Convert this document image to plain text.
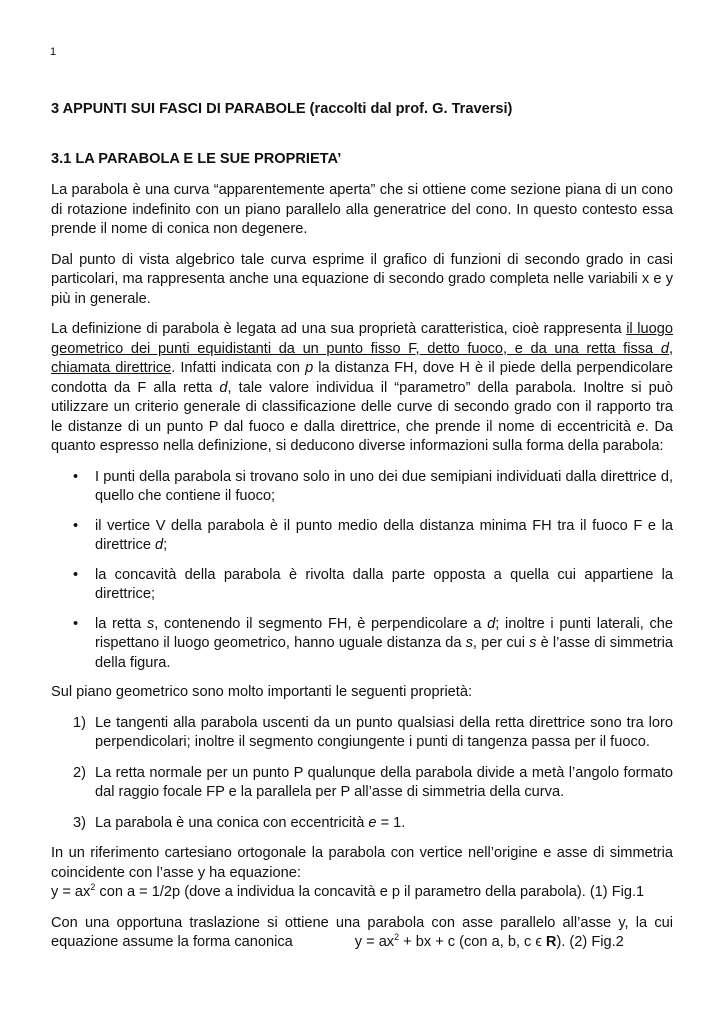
1
3 APPUNTI SUI FASCI DI PARABOLE (raccolti dal prof. G. Traversi)
3.1 LA PARABOLA E LE SUE PROPRIETA’

La parabola è una curva “apparentemente aperta” che si ottiene come sezione piana di un cono di rotazione indefinito con un piano parallelo alla generatrice del cono. In questo contesto essa prende il nome di conica non degenere.

Dal punto di vista algebrico tale curva esprime il grafico di funzioni di secondo grado in casi particolari, ma rappresenta anche una equazione di secondo grado completa nelle variabili x e y più in generale.

La definizione di parabola è legata ad una sua proprietà caratteristica, cioè rappresenta il luogo geometrico dei punti equidistanti da un punto fisso F, detto fuoco, e da una retta fissa d, chiamata direttrice. Infatti indicata con p la distanza FH, dove H è il piede della perpendicolare condotta da F alla retta d, tale valore individua il “parametro” della parabola. Inoltre si può utilizzare un criterio generale di classificazione delle curve di secondo grado con il rapporto tra le distanze di un punto P dal fuoco e dalla direttrice, che prende il nome di eccentricità e. Da quanto espresso nella definizione, si deducono diverse informazioni sulla forma della parabola:

• I punti della parabola si trovano solo in uno dei due semipiani individuati dalla direttrice d, quello che contiene il fuoco;
• il vertice V della parabola è il punto medio della distanza minima FH tra il fuoco F e la direttrice d;
• la concavità della parabola è rivolta dalla parte opposta a quella cui appartiene la direttrice;
• la retta s, contenendo il segmento FH, è perpendicolare a d; inoltre i punti laterali, che rispettano il luogo geometrico, hanno uguale distanza da s, per cui s è l’asse di simmetria della figura.

Sul piano geometrico sono molto importanti le seguenti proprietà:

1) Le tangenti alla parabola uscenti da un punto qualsiasi della retta direttrice sono tra loro perpendicolari; inoltre il segmento congiungente i punti di tangenza passa per il fuoco.
2) La retta normale per un punto P qualunque della parabola divide a metà l’angolo formato dal raggio focale FP e la parallela per P all’asse di simmetria della curva.
3) La parabola è una conica con eccentricità e = 1.

In un riferimento cartesiano ortogonale la parabola con vertice nell’origine e asse di simmetria coincidente con l’asse y ha equazione:
$y = ax^2$ con a = 1/2p (dove a individua la concavità e p il parametro della parabola). (1) Fig.1

Con una opportuna traslazione si ottiene una parabola con asse parallelo all’asse y, la cui equazione assume la forma canonica	$y = ax^2$ + bx + c (con a, b, c ϵ R). (2) Fig.2
